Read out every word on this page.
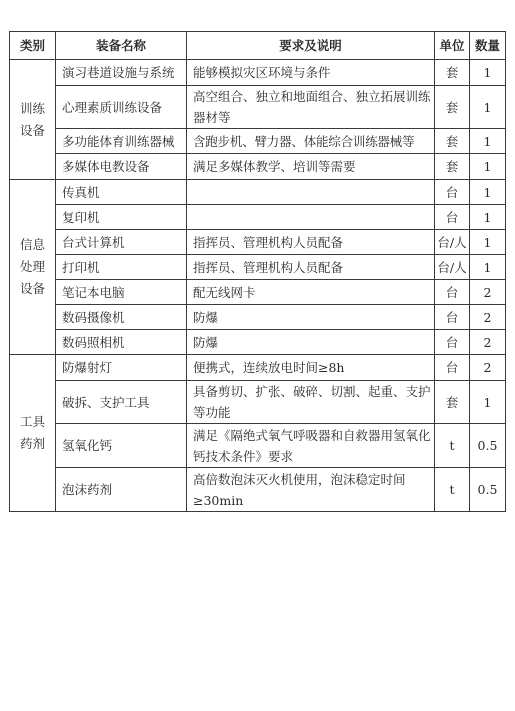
类别	装备名称	要求及说明	单位	数量

训练
设备	演习巷道设施与系统	能够模拟灾区环境与条件	套	1
	心理素质训练设备	高空组合、独立和地面组合、独立拓展训练器材等	套	1
	多功能体育训练器械	含跑步机、臂力器、体能综合训练器械等	套	1
	多媒体电教设备	满足多媒体教学、培训等需要	套	1

信息
处理
设备	传真机		台	1
	复印机		台	1
	台式计算机	指挥员、管理机构人员配备	台/人	1
	打印机	指挥员、管理机构人员配备	台/人	1
	笔记本电脑	配无线网卡	台	2
	数码摄像机	防爆	台	2
	数码照相机	防爆	台	2

工具
药剂	防爆射灯	便携式，连续放电时间≥8h	台	2
	破拆、支护工具	具备剪切、扩张、破碎、切割、起重、支护等功能	套	1
	氢氧化钙	满足《隔绝式氧气呼吸器和自救器用氢氧化钙技术条件》要求	t	0.5
	泡沫药剂	高倍数泡沫灭火机使用，泡沫稳定时间≥30min	t	0.5
